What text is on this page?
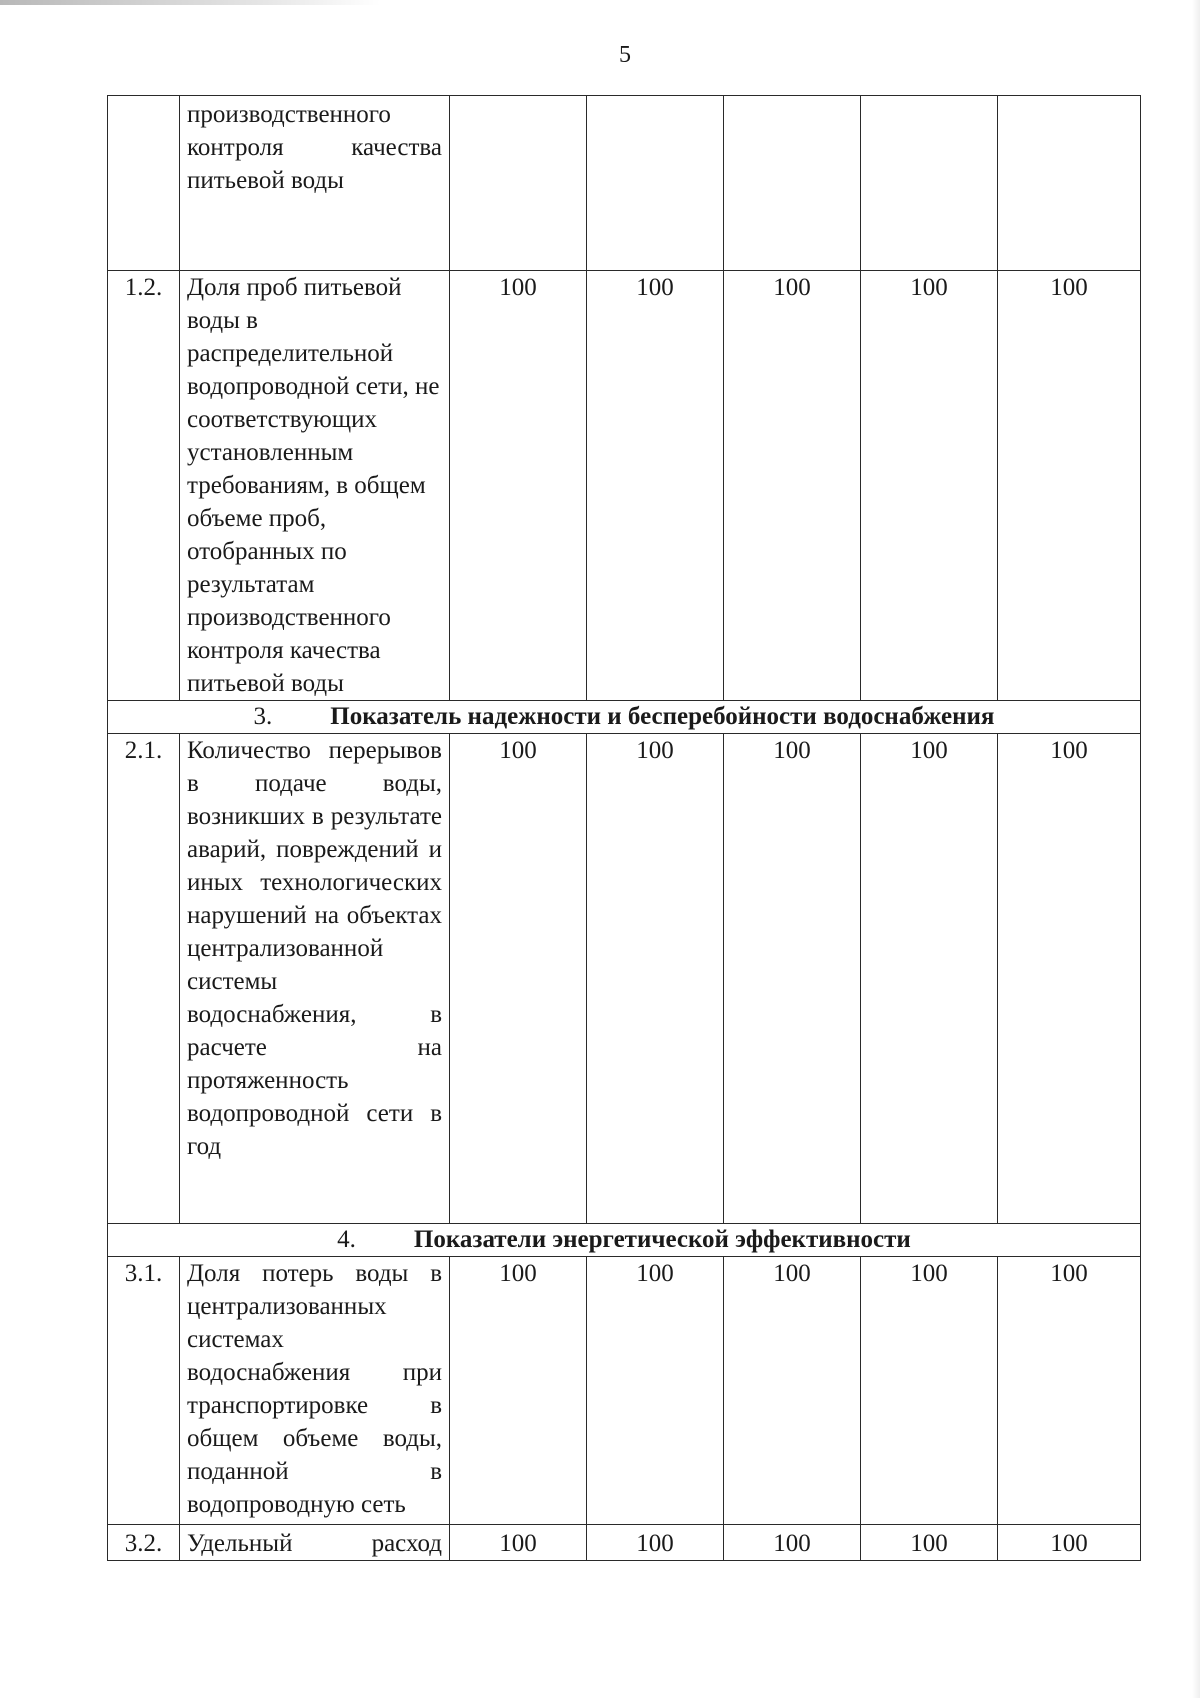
5
	производственного контроля качества питьевой воды					
1.2.	Доля проб питьевой воды в распределительной водопроводной сети, не соответствующих установленным требованиям, в общем объеме проб, отобранных по результатам производственного контроля качества питьевой воды	100	100	100	100	100
3. Показатель надежности и бесперебойности водоснабжения						
2.1.	Количество перерывов в подаче воды, возникших в результате аварий, повреждений и иных технологических нарушений на объектах централизованной системы водоснабжения, в расчете на протяженность водопроводной сети в год	100	100	100	100	100
4. Показатели энергетической эффективности						
3.1.	Доля потерь воды в централизованных системах водоснабжения при транспортировке в общем объеме воды, поданной в водопроводную сеть	100	100	100	100	100
3.2.	Удельный расход	100	100	100	100	100
